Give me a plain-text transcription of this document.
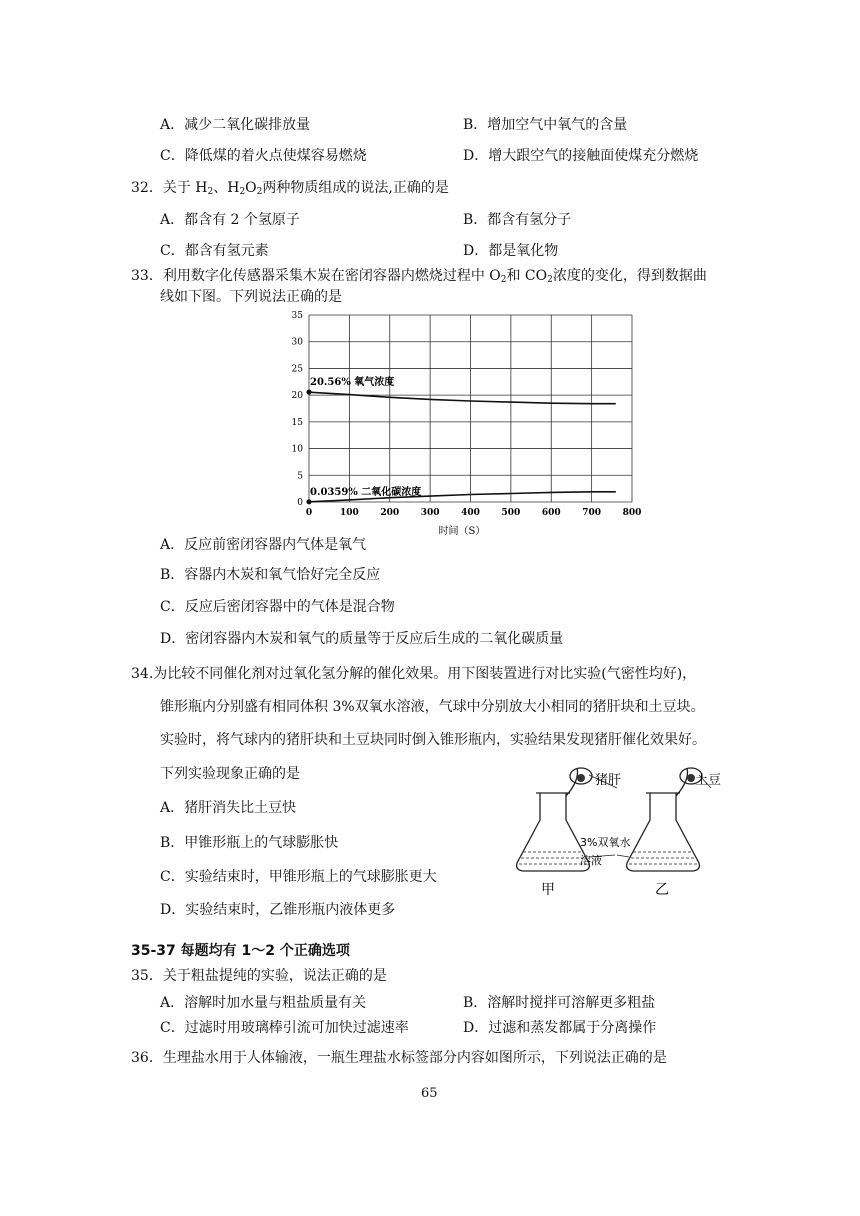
A．减少二氧化碳排放量	B．增加空气中氧气的含量
C．降低煤的着火点使煤容易燃烧	D．增大跟空气的接触面使煤充分燃烧
32．关于 $H_2$、$H_2O_2$两种物质组成的说法,正确的是
A．都含有 2 个氢原子	B．都含有氢分子
C．都含有氢元素	D．都是氧化物
33．利用数字化传感器采集木炭在密闭容器内燃烧过程中 $O_2$和 $CO_2$浓度的变化，得到数据曲
线如下图。下列说法正确的是
0
5
10
15
20
25
30
35
0	100 200 300 400 500 600 700 800
20.56% 氧气浓度
0.0359% 二氧化碳浓度
时间（S）
A．反应前密闭容器内气体是氧气
B．容器内木炭和氧气恰好完全反应
C．反应后密闭容器中的气体是混合物
D．密闭容器内木炭和氧气的质量等于反应后生成的二氧化碳质量
34.为比较不同催化剂对过氧化氢分解的催化效果。用下图装置进行对比实验(气密性均好)，
锥形瓶内分别盛有相同体积 3%双氧水溶液，气球中分别放大小相同的猪肝块和土豆块。
实验时，将气球内的猪肝块和土豆块同时倒入锥形瓶内，实验结果发现猪肝催化效果好。
下列实验现象正确的是
A．猪肝消失比土豆快
B．甲锥形瓶上的气球膨胀快
C．实验结束时，甲锥形瓶上的气球膨胀更大
D．实验结束时，乙锥形瓶内液体更多
猪肝	土豆
3%双氧水
溶液
甲	乙
35-37 每题均有 1～2 个正确选项
35．关于粗盐提纯的实验，说法正确的是
A．溶解时加水量与粗盐质量有关	B．溶解时搅拌可溶解更多粗盐
C．过滤时用玻璃棒引流可加快过滤速率	D．过滤和蒸发都属于分离操作
36．生理盐水用于人体输液，一瓶生理盐水标签部分内容如图所示，下列说法正确的是
65
